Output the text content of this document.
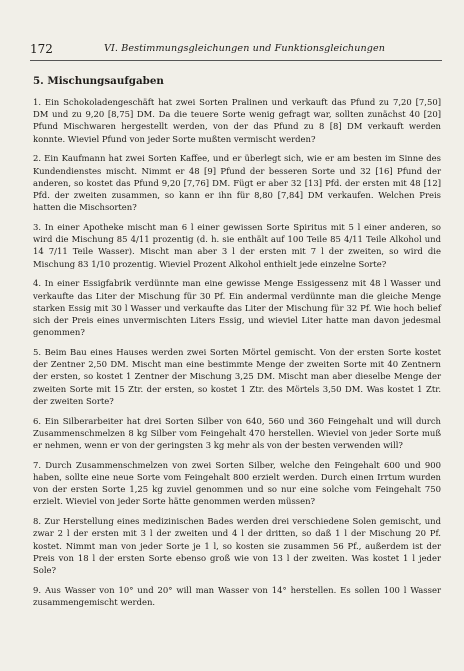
172	VI. Bestimmungsgleichungen und Funktionsgleichungen
5. Mischungsaufgaben

1. Ein Schokoladengeschäft hat zwei Sorten Pralinen und verkauft das Pfund zu 7,20 [7,50] DM und zu 9,20 [8,75] DM. Da die teuere Sorte wenig gefragt war, sollten zunächst 40 [20] Pfund Mischwaren hergestellt werden, von der das Pfund zu 8 [8] DM verkauft werden konnte. Wieviel Pfund von jeder Sorte mußten vermischt werden?

2. Ein Kaufmann hat zwei Sorten Kaffee, und er überlegt sich, wie er am besten im Sinne des Kundendienstes mischt. Nimmt er 48 [9] Pfund der besseren Sorte und 32 [16] Pfund der anderen, so kostet das Pfund 9,20 [7,76] DM. Fügt er aber 32 [13] Pfd. der ersten mit 48 [12] Pfd. der zweiten zusammen, so kann er ihn für 8,80 [7,84] DM verkaufen. Welchen Preis hatten die Mischsorten?

3. In einer Apotheke mischt man 6 l einer gewissen Sorte Spiritus mit 5 l einer anderen, so wird die Mischung 85 4/11 prozentig (d. h. sie enthält auf 100 Teile 85 4/11 Teile Alkohol und 14 7/11 Teile Wasser). Mischt man aber 3 l der ersten mit 7 l der zweiten, so wird die Mischung 83 1/10 prozentig. Wieviel Prozent Alkohol enthielt jede einzelne Sorte?

4. In einer Essigfabrik verdünnte man eine gewisse Menge Essigessenz mit 48 l Wasser und verkaufte das Liter der Mischung für 30 Pf. Ein andermal verdünnte man die gleiche Menge starken Essig mit 30 l Wasser und verkaufte das Liter der Mischung für 32 Pf. Wie hoch belief sich der Preis eines unvermischten Liters Essig, und wieviel Liter hatte man davon jedesmal genommen?

5. Beim Bau eines Hauses werden zwei Sorten Mörtel gemischt. Von der ersten Sorte kostet der Zentner 2,50 DM. Mischt man eine bestimmte Menge der zweiten Sorte mit 40 Zentnern der ersten, so kostet 1 Zentner der Mischung 3,25 DM. Mischt man aber dieselbe Menge der zweiten Sorte mit 15 Ztr. der ersten, so kostet 1 Ztr. des Mörtels 3,50 DM. Was kostet 1 Ztr. der zweiten Sorte?

6. Ein Silberarbeiter hat drei Sorten Silber von 640, 560 und 360 Feingehalt und will durch Zusammenschmelzen 8 kg Silber vom Feingehalt 470 herstellen. Wieviel von jeder Sorte muß er nehmen, wenn er von der geringsten 3 kg mehr als von der besten verwenden will?

7. Durch Zusammenschmelzen von zwei Sorten Silber, welche den Feingehalt 600 und 900 haben, sollte eine neue Sorte vom Feingehalt 800 erzielt werden. Durch einen Irrtum wurden von der ersten Sorte 1,25 kg zuviel genommen und so nur eine solche vom Feingehalt 750 erzielt. Wieviel von jeder Sorte hätte genommen werden müssen?

8. Zur Herstellung eines medizinischen Bades werden drei verschiedene Solen gemischt, und zwar 2 l der ersten mit 3 l der zweiten und 4 l der dritten, so daß 1 l der Mischung 20 Pf. kostet. Nimmt man von jeder Sorte je 1 l, so kosten sie zusammen 56 Pf., außerdem ist der Preis von 18 l der ersten Sorte ebenso groß wie von 13 l der zweiten. Was kostet 1 l jeder Sole?

9. Aus Wasser von 10° und 20° will man Wasser von 14° herstellen. Es sollen 100 l Wasser zusammengemischt werden.
